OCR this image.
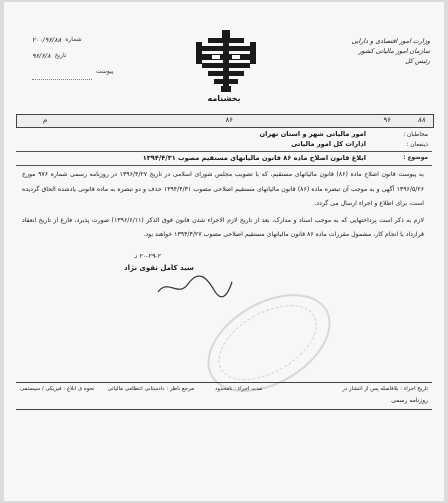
وزارت امور اقتصادی و دارایی
سازمان امور مالیاتی کشور
رئیس کل
۲۰۰/۹۶/۸۸ شماره
۹۶/۶/۸ تاریخ
پیوست
بخشنامه
۸۸
۹۶
۸۶
م
مخاطبان :
امور مالیاتی شهر و استان تهران
ادارات کل امور مالیاتی	ذینفعان :
موضوع :
ابلاغ قانون اصلاح ماده ۸۶ قانون مالیاتهای مستقیم مصوب ۱۳۹۴/۴/۳۱

به پیوست قانون اصلاح ماده (۸۶) قانون مالیاتهای مستقیم، که با تصویب مجلس شورای اسلامی در تاریخ ۱۳۹۶/۴/۲۷ در روزنامه رسمی شماره ۹۷۶ مورخ ۱۳۹۶/۵/۲۶ آگهی و به موجب آن تبصره ماده (۸۶) قانون مالیاتهای مستقیم اصلاحی مصوب ۱۳۹۴/۴/۳۱ حذف و دو تبصره به ماده قانونی یادشده الحاق گردیده است، برای اطلاع و اجراء ارسال می گردد.

لازم به ذکر است پرداختهایی که به موجب اسناد و مدارک، بعد از تاریخ لازم الاجراء شدن قانون فوق الذکر (۱۳۹۶/۶/۱۱) صورت پذیرد، فارغ از تاریخ انعقاد قرارداد یا انجام کار، مشمول مقررات ماده ۸۶ قانون مالیاتهای مستقیم اصلاحی مصوب ۱۳۹۴/۴/۲۷ خواهند بود.

۲۰-۲۹-۲ د
سید کامل تقوی نژاد
تاریخ اجراء : بلافاصله پس از انتشار در
مدت اجراء : نامحدود
مرجع ناظر : دادستانی انتظامی مالیاتی
نحوه ی ابلاغ : فیزیکی / سیستمی
روزنامه رسمی
